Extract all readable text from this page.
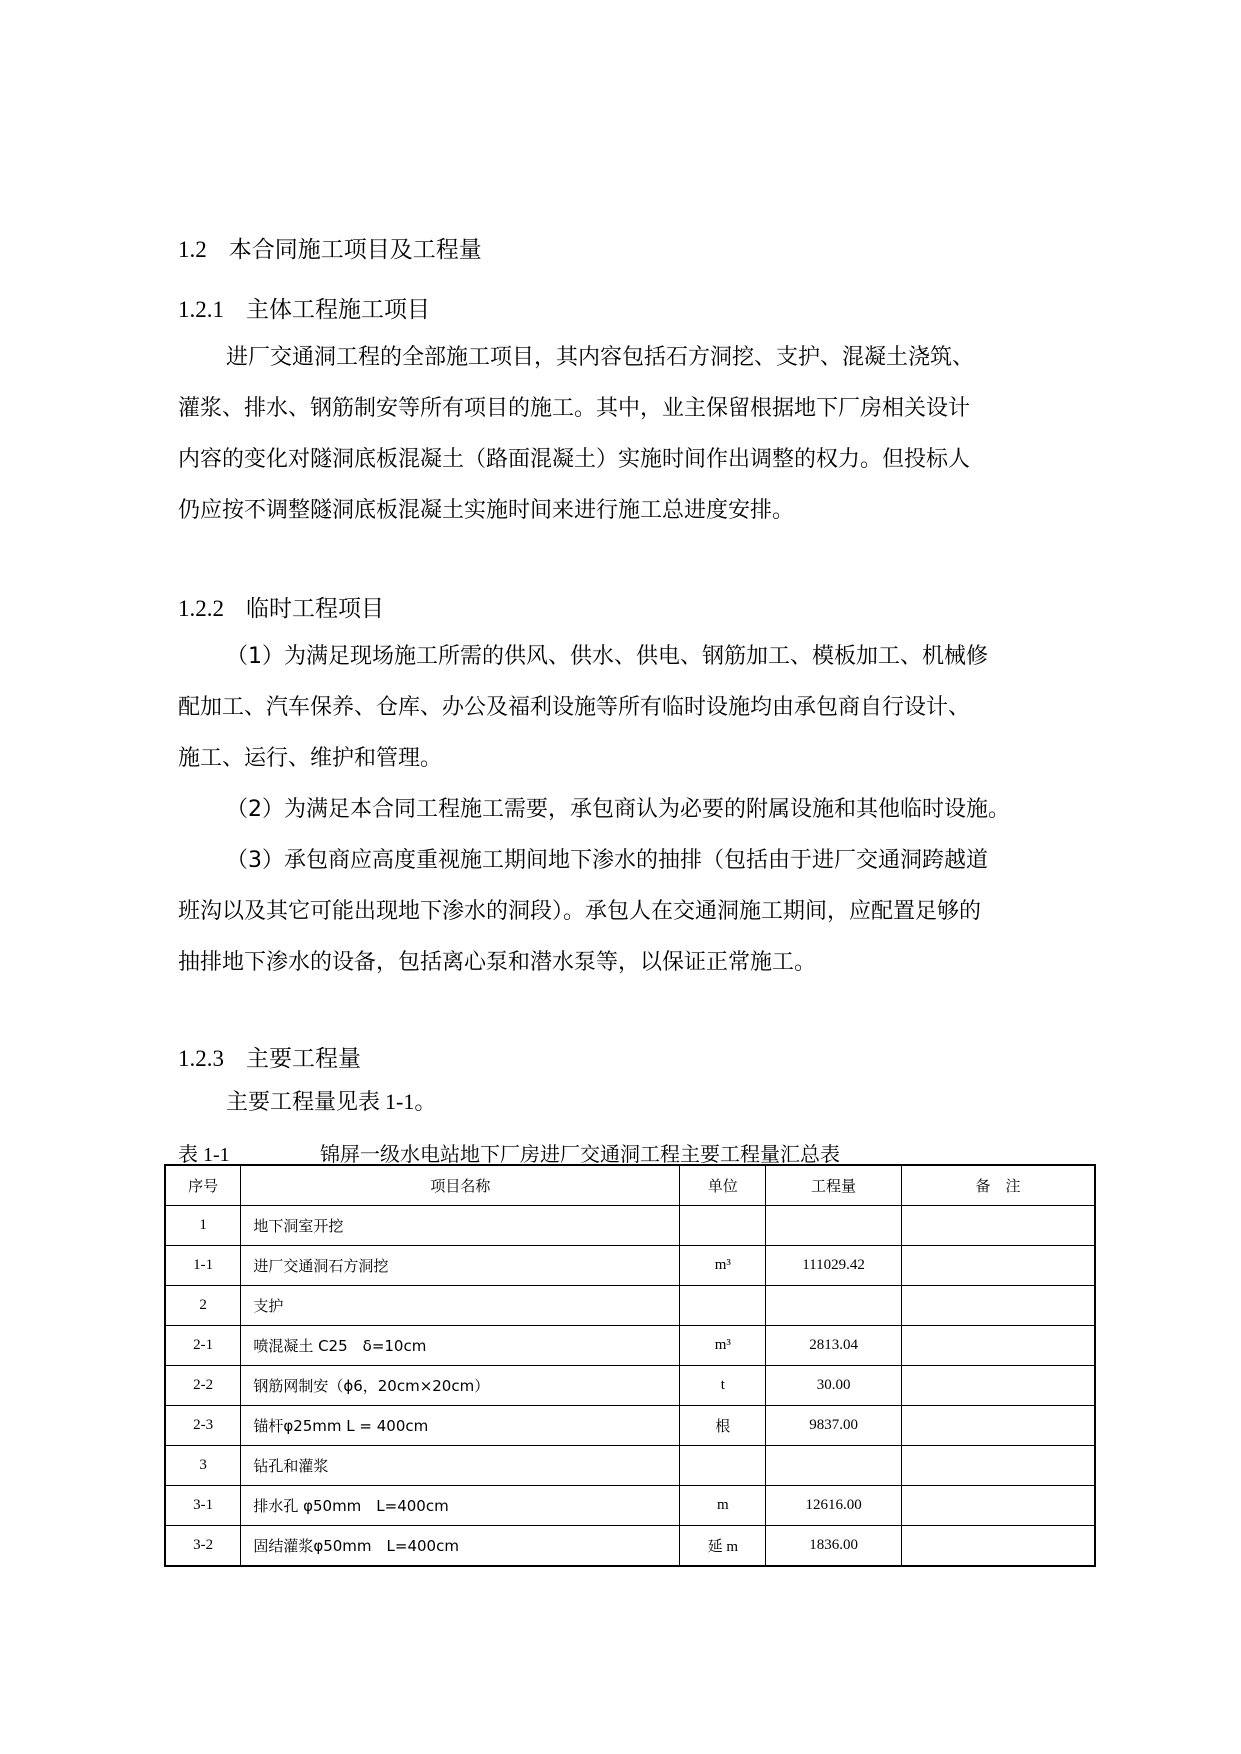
1.2 本合同施工项目及工程量
1.2.1 主体工程施工项目

进厂交通洞工程的全部施工项目，其内容包括石方洞挖、支护、混凝土浇筑、
灌浆、排水、钢筋制安等所有项目的施工。其中，业主保留根据地下厂房相关设计
内容的变化对隧洞底板混凝土（路面混凝土）实施时间作出调整的权力。但投标人
仍应按不调整隧洞底板混凝土实施时间来进行施工总进度安排。

1.2.2 临时工程项目

（1）为满足现场施工所需的供风、供水、供电、钢筋加工、模板加工、机械修
配加工、汽车保养、仓库、办公及福利设施等所有临时设施均由承包商自行设计、
施工、运行、维护和管理。
（2）为满足本合同工程施工需要，承包商认为必要的附属设施和其他临时设施。
（3）承包商应高度重视施工期间地下渗水的抽排（包括由于进厂交通洞跨越道
班沟以及其它可能出现地下渗水的洞段）。承包人在交通洞施工期间，应配置足够的
抽排地下渗水的设备，包括离心泵和潜水泵等，以保证正常施工。

1.2.3 主要工程量
主要工程量见表 1-1。
表 1-1	锦屏一级水电站地下厂房进厂交通洞工程主要工程量汇总表
序号	项目名称	单位	工程量	备　注
1	地下洞室开挖			
1-1	进厂交通洞石方洞挖	m³	111029.42	
2	支护			
2-1	喷混凝土 C25　δ=10cm	m³	2813.04	
2-2	钢筋网制安（ϕ6，20cm×20cm）	t	30.00	
2-3	锚杆φ25mm L = 400cm	根	9837.00	
3	钻孔和灌浆			
3-1	排水孔 φ50mm　L=400cm	m	12616.00	
3-2	固结灌浆φ50mm　L=400cm	延 m	1836.00	
